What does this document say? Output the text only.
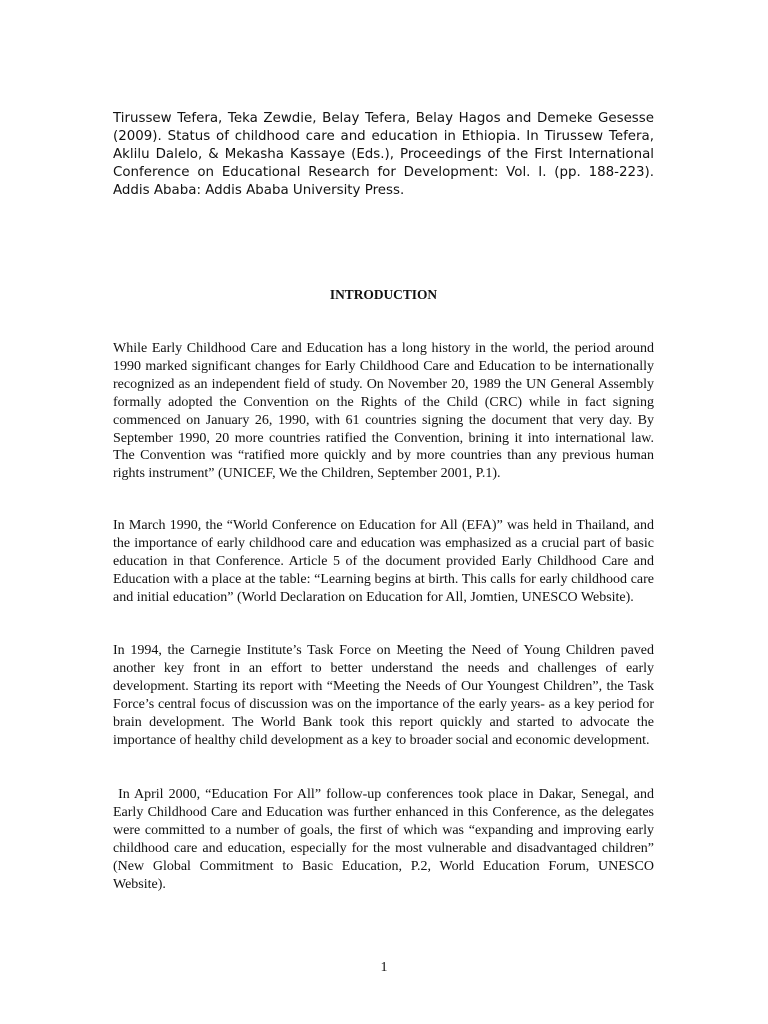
Tirussew Tefera, Teka Zewdie, Belay Tefera, Belay Hagos and Demeke Gesesse (2009). Status of childhood care and education in Ethiopia. In Tirussew Tefera, Aklilu Dalelo, & Mekasha Kassaye (Eds.), Proceedings of the First International Conference on Educational Research for Development: Vol. I. (pp. 188-223). Addis Ababa: Addis Ababa University Press.

INTRODUCTION

While Early Childhood Care and Education has a long history in the world, the period around 1990 marked significant changes for Early Childhood Care and Education to be internationally recognized as an independent field of study. On November 20, 1989 the UN General Assembly formally adopted the Convention on the Rights of the Child (CRC) while in fact signing commenced on January 26, 1990, with 61 countries signing the document that very day. By September 1990, 20 more countries ratified the Convention, brining it into international law. The Convention was “ratified more quickly and by more countries than any previous human rights instrument” (UNICEF, We the Children, September 2001, P.1).

In March 1990, the “World Conference on Education for All (EFA)” was held in Thailand, and the importance of early childhood care and education was emphasized as a crucial part of basic education in that Conference. Article 5 of the document provided Early Childhood Care and Education with a place at the table: “Learning begins at birth. This calls for early childhood care and initial education” (World Declaration on Education for All, Jomtien, UNESCO Website).

In 1994, the Carnegie Institute’s Task Force on Meeting the Need of Young Children paved another key front in an effort to better understand the needs and challenges of early development. Starting its report with “Meeting the Needs of Our Youngest Children”, the Task Force’s central focus of discussion was on the importance of the early years- as a key period for brain development. The World Bank took this report quickly and started to advocate the importance of healthy child development as a key to broader social and economic development.

In April 2000, “Education For All” follow-up conferences took place in Dakar, Senegal, and Early Childhood Care and Education was further enhanced in this Conference, as the delegates were committed to a number of goals, the first of which was “expanding and improving early childhood care and education, especially for the most vulnerable and disadvantaged children” (New Global Commitment to Basic Education, P.2, World Education Forum, UNESCO Website).

1
